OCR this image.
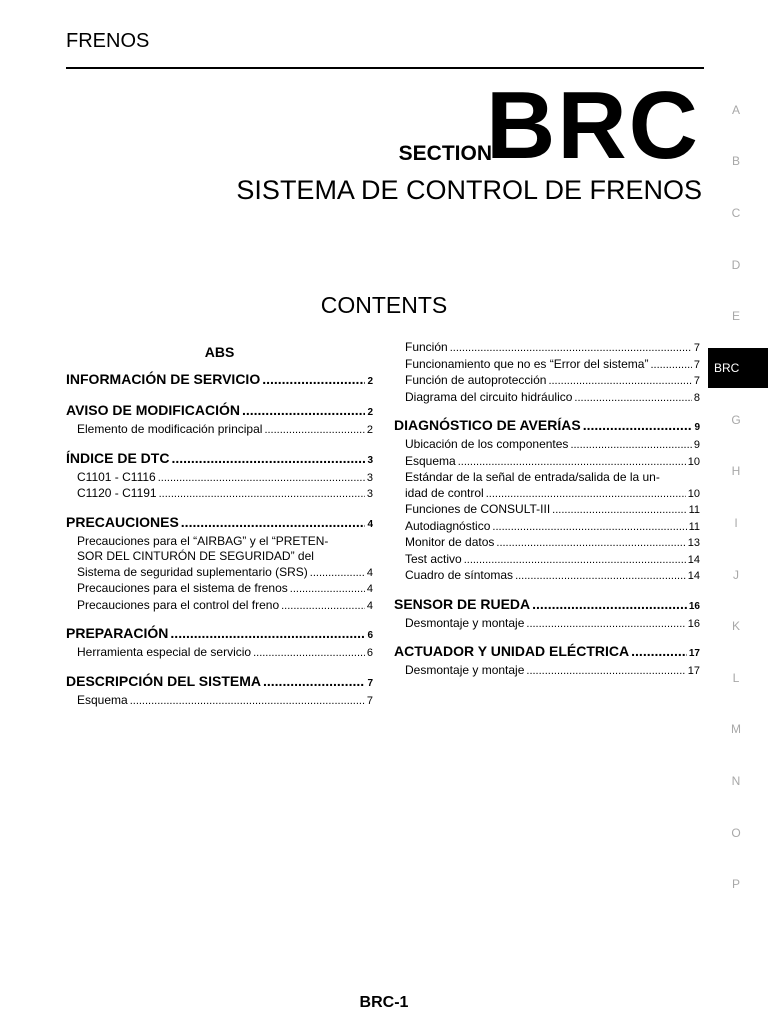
FRENOS
SECTION
BRC
SISTEMA DE CONTROL DE FRENOS
CONTENTS
ABS
INFORMACIÓN DE SERVICIO .....	2
AVISO DE MODIFICACIÓN .....	2
Elemento de modificación principal .....	2
ÍNDICE DE DTC .....	3
C1101 - C1116 .....	3
C1120 - C1191 .....	3
PRECAUCIONES .....	4
Precauciones para el “AIRBAG” y el “PRETEN-
SOR DEL CINTURÓN DE SEGURIDAD” del
Sistema de seguridad suplementario (SRS) .....	4
Precauciones para el sistema de frenos .....	4
Precauciones para el control del freno .....	4
PREPARACIÓN .....	6
Herramienta especial de servicio .....	6
DESCRIPCIÓN DEL SISTEMA .....	7
Esquema .....	7
Función .....	7
Funcionamiento que no es “Error del sistema” .....	7
Función de autoprotección .....	7
Diagrama del circuito hidráulico .....	8
DIAGNÓSTICO DE AVERÍAS .....	9
Ubicación de los componentes .....	9
Esquema .....	10
Estándar de la señal de entrada/salida de la un-
idad de control .....	10
Funciones de CONSULT-III .....	11
Autodiagnóstico .....	11
Monitor de datos .....	13
Test activo .....	14
Cuadro de síntomas .....	14
SENSOR DE RUEDA .....	16
Desmontaje y montaje .....	16
ACTUADOR Y UNIDAD ELÉCTRICA .....	17
Desmontaje y montaje .....	17
A
B
C
D
E
BRC
G
H
I
J
K
L
M
N
O
P
BRC-1
